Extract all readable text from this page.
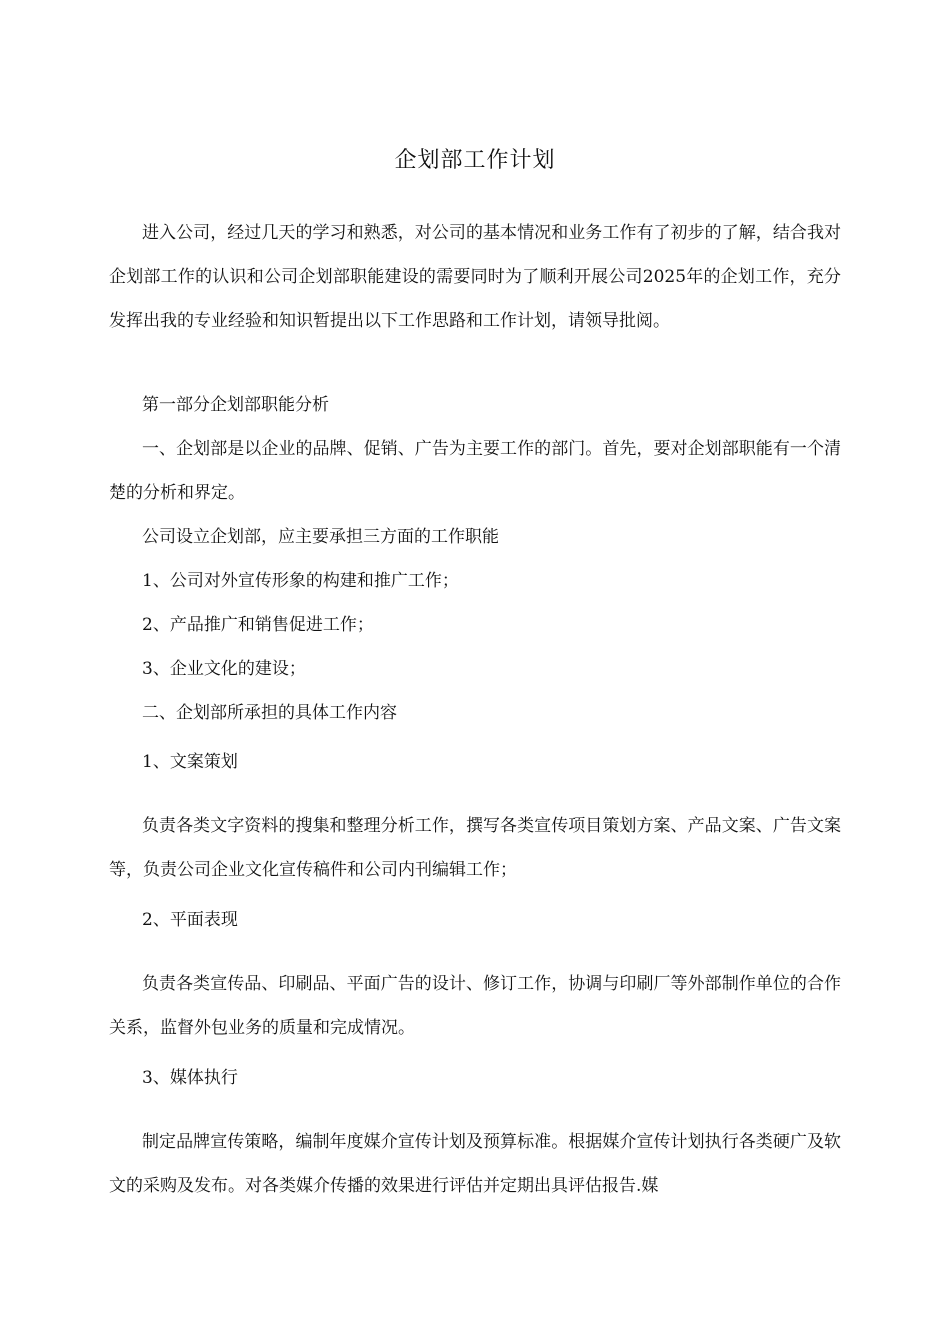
企划部工作计划

进入公司，经过几天的学习和熟悉，对公司的基本情况和业务工作有了初步的了解，结合我对企划部工作的认识和公司企划部职能建设的需要同时为了顺利开展公司2025年的企划工作，充分发挥出我的专业经验和知识暂提出以下工作思路和工作计划，请领导批阅。

第一部分企划部职能分析

一、企划部是以企业的品牌、促销、广告为主要工作的部门。首先，要对企划部职能有一个清楚的分析和界定。

公司设立企划部，应主要承担三方面的工作职能

1、公司对外宣传形象的构建和推广工作；

2、产品推广和销售促进工作；

3、企业文化的建设；

二、企划部所承担的具体工作内容

1、文案策划

负责各类文字资料的搜集和整理分析工作，撰写各类宣传项目策划方案、产品文案、广告文案等，负责公司企业文化宣传稿件和公司内刊编辑工作；

2、平面表现

负责各类宣传品、印刷品、平面广告的设计、修订工作，协调与印刷厂等外部制作单位的合作关系，监督外包业务的质量和完成情况。

3、媒体执行

制定品牌宣传策略，编制年度媒介宣传计划及预算标准。根据媒介宣传计划执行各类硬广及软文的采购及发布。对各类媒介传播的效果进行评估并定期出具评估报告.媒
